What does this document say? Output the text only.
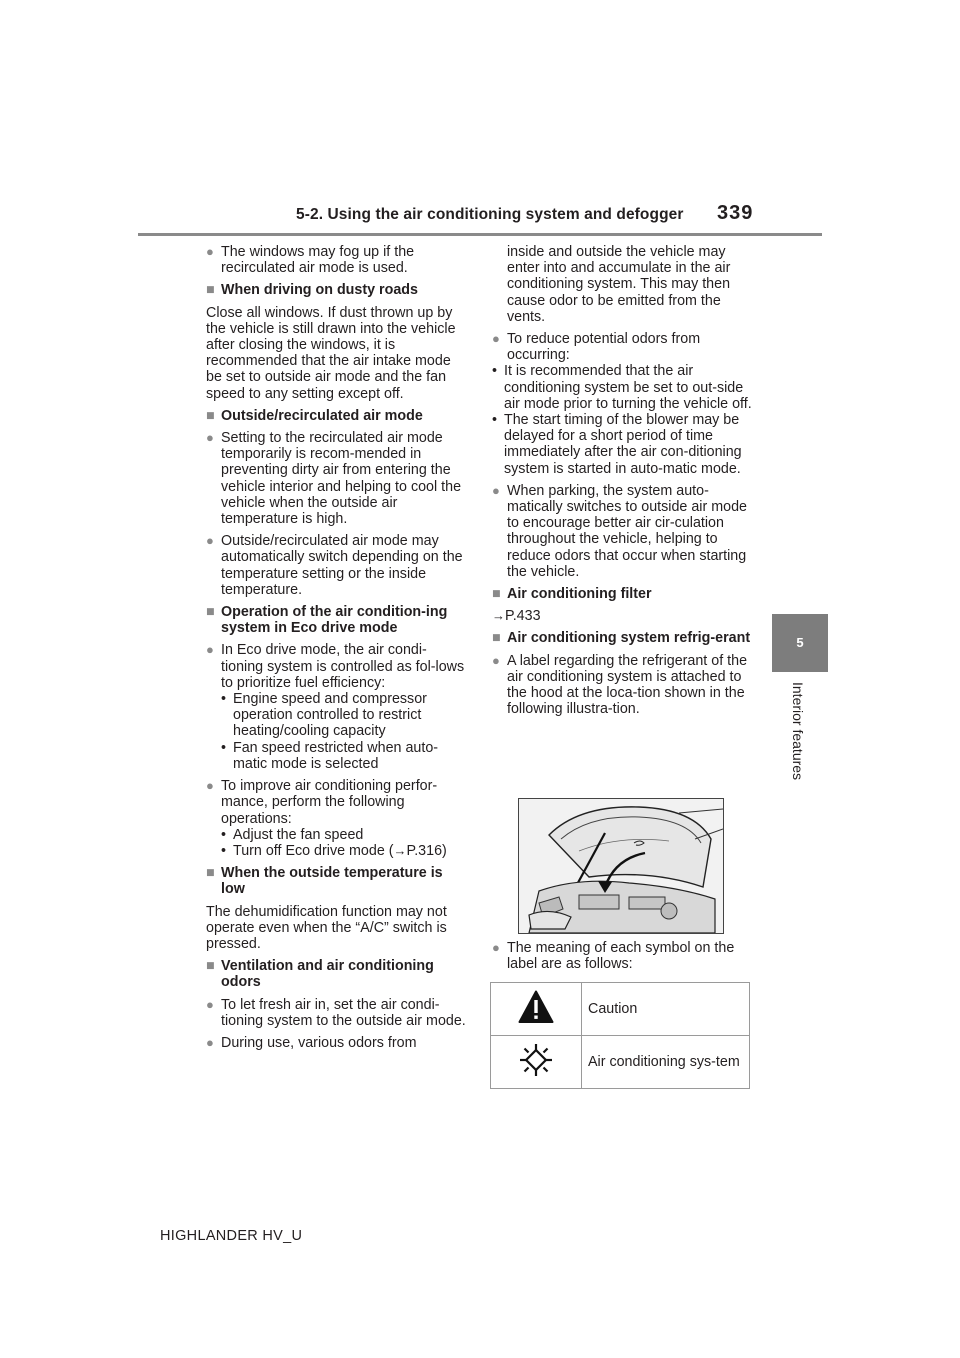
5-2. Using the air conditioning system and defogger 339
5
Interior features
● The windows may fog up if the recirculated air mode is used.
■ When driving on dusty roads
Close all windows. If dust thrown up by the vehicle is still drawn into the vehicle after closing the windows, it is recommended that the air intake mode be set to outside air mode and the fan speed to any setting except off.
■ Outside/recirculated air mode
● Setting to the recirculated air mode temporarily is recom-mended in preventing dirty air from entering the vehicle interior and helping to cool the vehicle when the outside air temperature is high.
● Outside/recirculated air mode may automatically switch depending on the temperature setting or the inside temperature.
■ Operation of the air condition-ing system in Eco drive mode
● In Eco drive mode, the air condi-tioning system is controlled as fol-lows to prioritize fuel efficiency:
• Engine speed and compressor operation controlled to restrict heating/cooling capacity
• Fan speed restricted when auto-matic mode is selected
● To improve air conditioning perfor-mance, perform the following operations:
• Adjust the fan speed
• Turn off Eco drive mode (→P.316)
■ When the outside temperature is low
The dehumidification function may not operate even when the “A/C” switch is pressed.
■ Ventilation and air conditioning odors
● To let fresh air in, set the air condi-tioning system to the outside air mode.
● During use, various odors from
inside and outside the vehicle may enter into and accumulate in the air conditioning system. This may then cause odor to be emitted from the vents.
● To reduce potential odors from occurring:
• It is recommended that the air conditioning system be set to out-side air mode prior to turning the vehicle off.
• The start timing of the blower may be delayed for a short period of time immediately after the air con-ditioning system is started in auto-matic mode.
● When parking, the system auto-matically switches to outside air mode to encourage better air cir-culation throughout the vehicle, helping to reduce odors that occur when starting the vehicle.
■ Air conditioning filter
→P.433
■ Air conditioning system refrig-erant
● A label regarding the refrigerant of the air conditioning system is attached to the hood at the loca-tion shown in the following illustra-tion.
● The meaning of each symbol on the label are as follows:
	Caution
	Air conditioning sys-tem
HIGHLANDER HV_U
